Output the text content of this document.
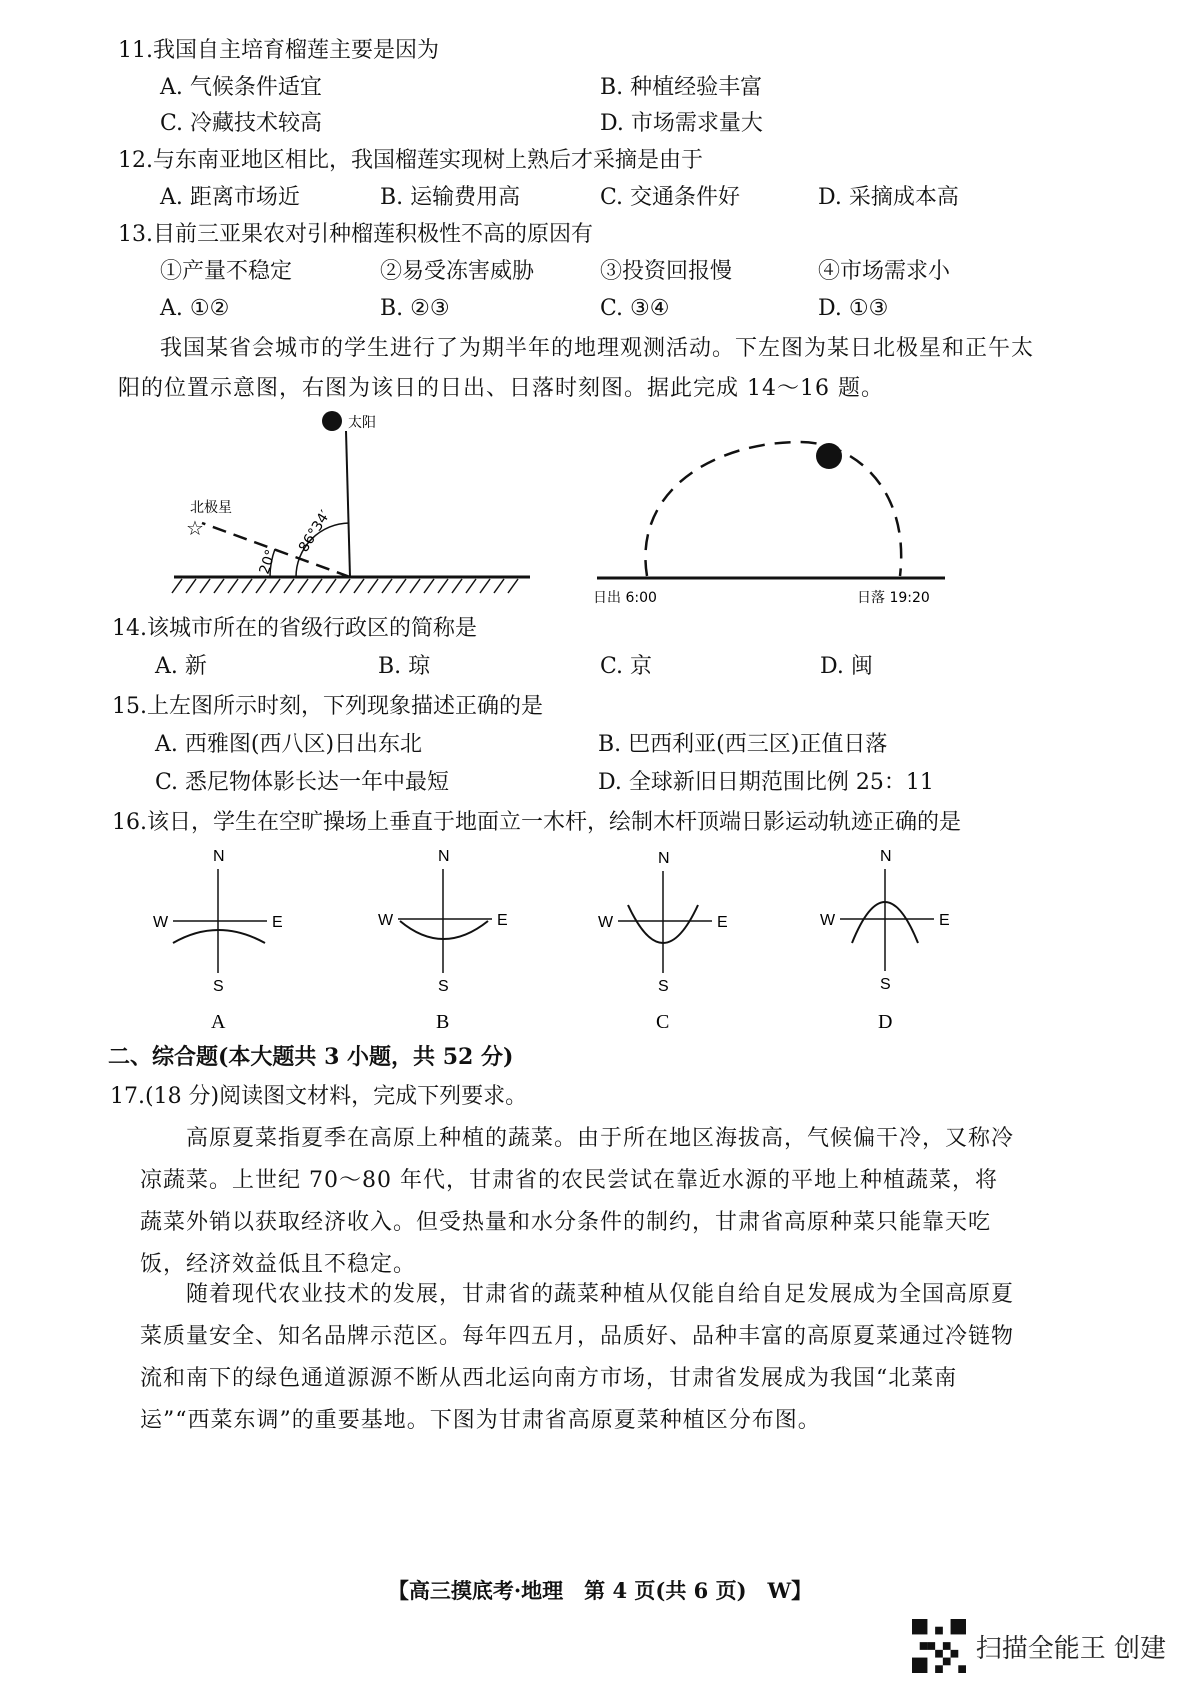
11.我国自主培育榴莲主要是因为
A. 气候条件适宜	B. 种植经验丰富
C. 冷藏技术较高	D. 市场需求量大
12.与东南亚地区相比，我国榴莲实现树上熟后才采摘是由于
A. 距离市场近	B. 运输费用高	C. 交通条件好	D. 采摘成本高
13.目前三亚果农对引种榴莲积极性不高的原因有
①产量不稳定	②易受冻害威胁	③投资回报慢	④市场需求小
A. ①②	B. ②③	C. ③④	D. ①③
我国某省会城市的学生进行了为期半年的地理观测活动。下左图为某日北极星和正午太
阳的位置示意图，右图为该日的日出、日落时刻图。据此完成 14～16 题。
太阳
☆
北极星
20°
86°34′
日出 6:00	日落 19:20
14.该城市所在的省级行政区的简称是
A. 新	B. 琼	C. 京	D. 闽
15.上左图所示时刻，下列现象描述正确的是
A. 西雅图(西八区)日出东北	B. 巴西利亚(西三区)正值日落
C. 悉尼物体影长达一年中最短	D. 全球新旧日期范围比例 25：11
16.该日，学生在空旷操场上垂直于地面立一木杆，绘制木杆顶端日影运动轨迹正确的是
N
W	E
S
A
N
W	E
S
B
N
W	E
S
C
N
W	E
S
D
二、综合题(本大题共 3 小题，共 52 分)
17.(18 分)阅读图文材料，完成下列要求。
高原夏菜指夏季在高原上种植的蔬菜。由于所在地区海拔高，气候偏干冷，又称冷凉蔬菜。上世纪 70～80 年代，甘肃省的农民尝试在靠近水源的平地上种植蔬菜，将蔬菜外销以获取经济收入。但受热量和水分条件的制约，甘肃省高原种菜只能靠天吃饭，经济效益低且不稳定。
随着现代农业技术的发展，甘肃省的蔬菜种植从仅能自给自足发展成为全国高原夏菜质量安全、知名品牌示范区。每年四五月，品质好、品种丰富的高原夏菜通过冷链物流和南下的绿色通道源源不断从西北运向南方市场，甘肃省发展成为我国“北菜南运”“西菜东调”的重要基地。下图为甘肃省高原夏菜种植区分布图。
【高三摸底考·地理　第 4 页(共 6 页)　W】
扫描全能王 创建
